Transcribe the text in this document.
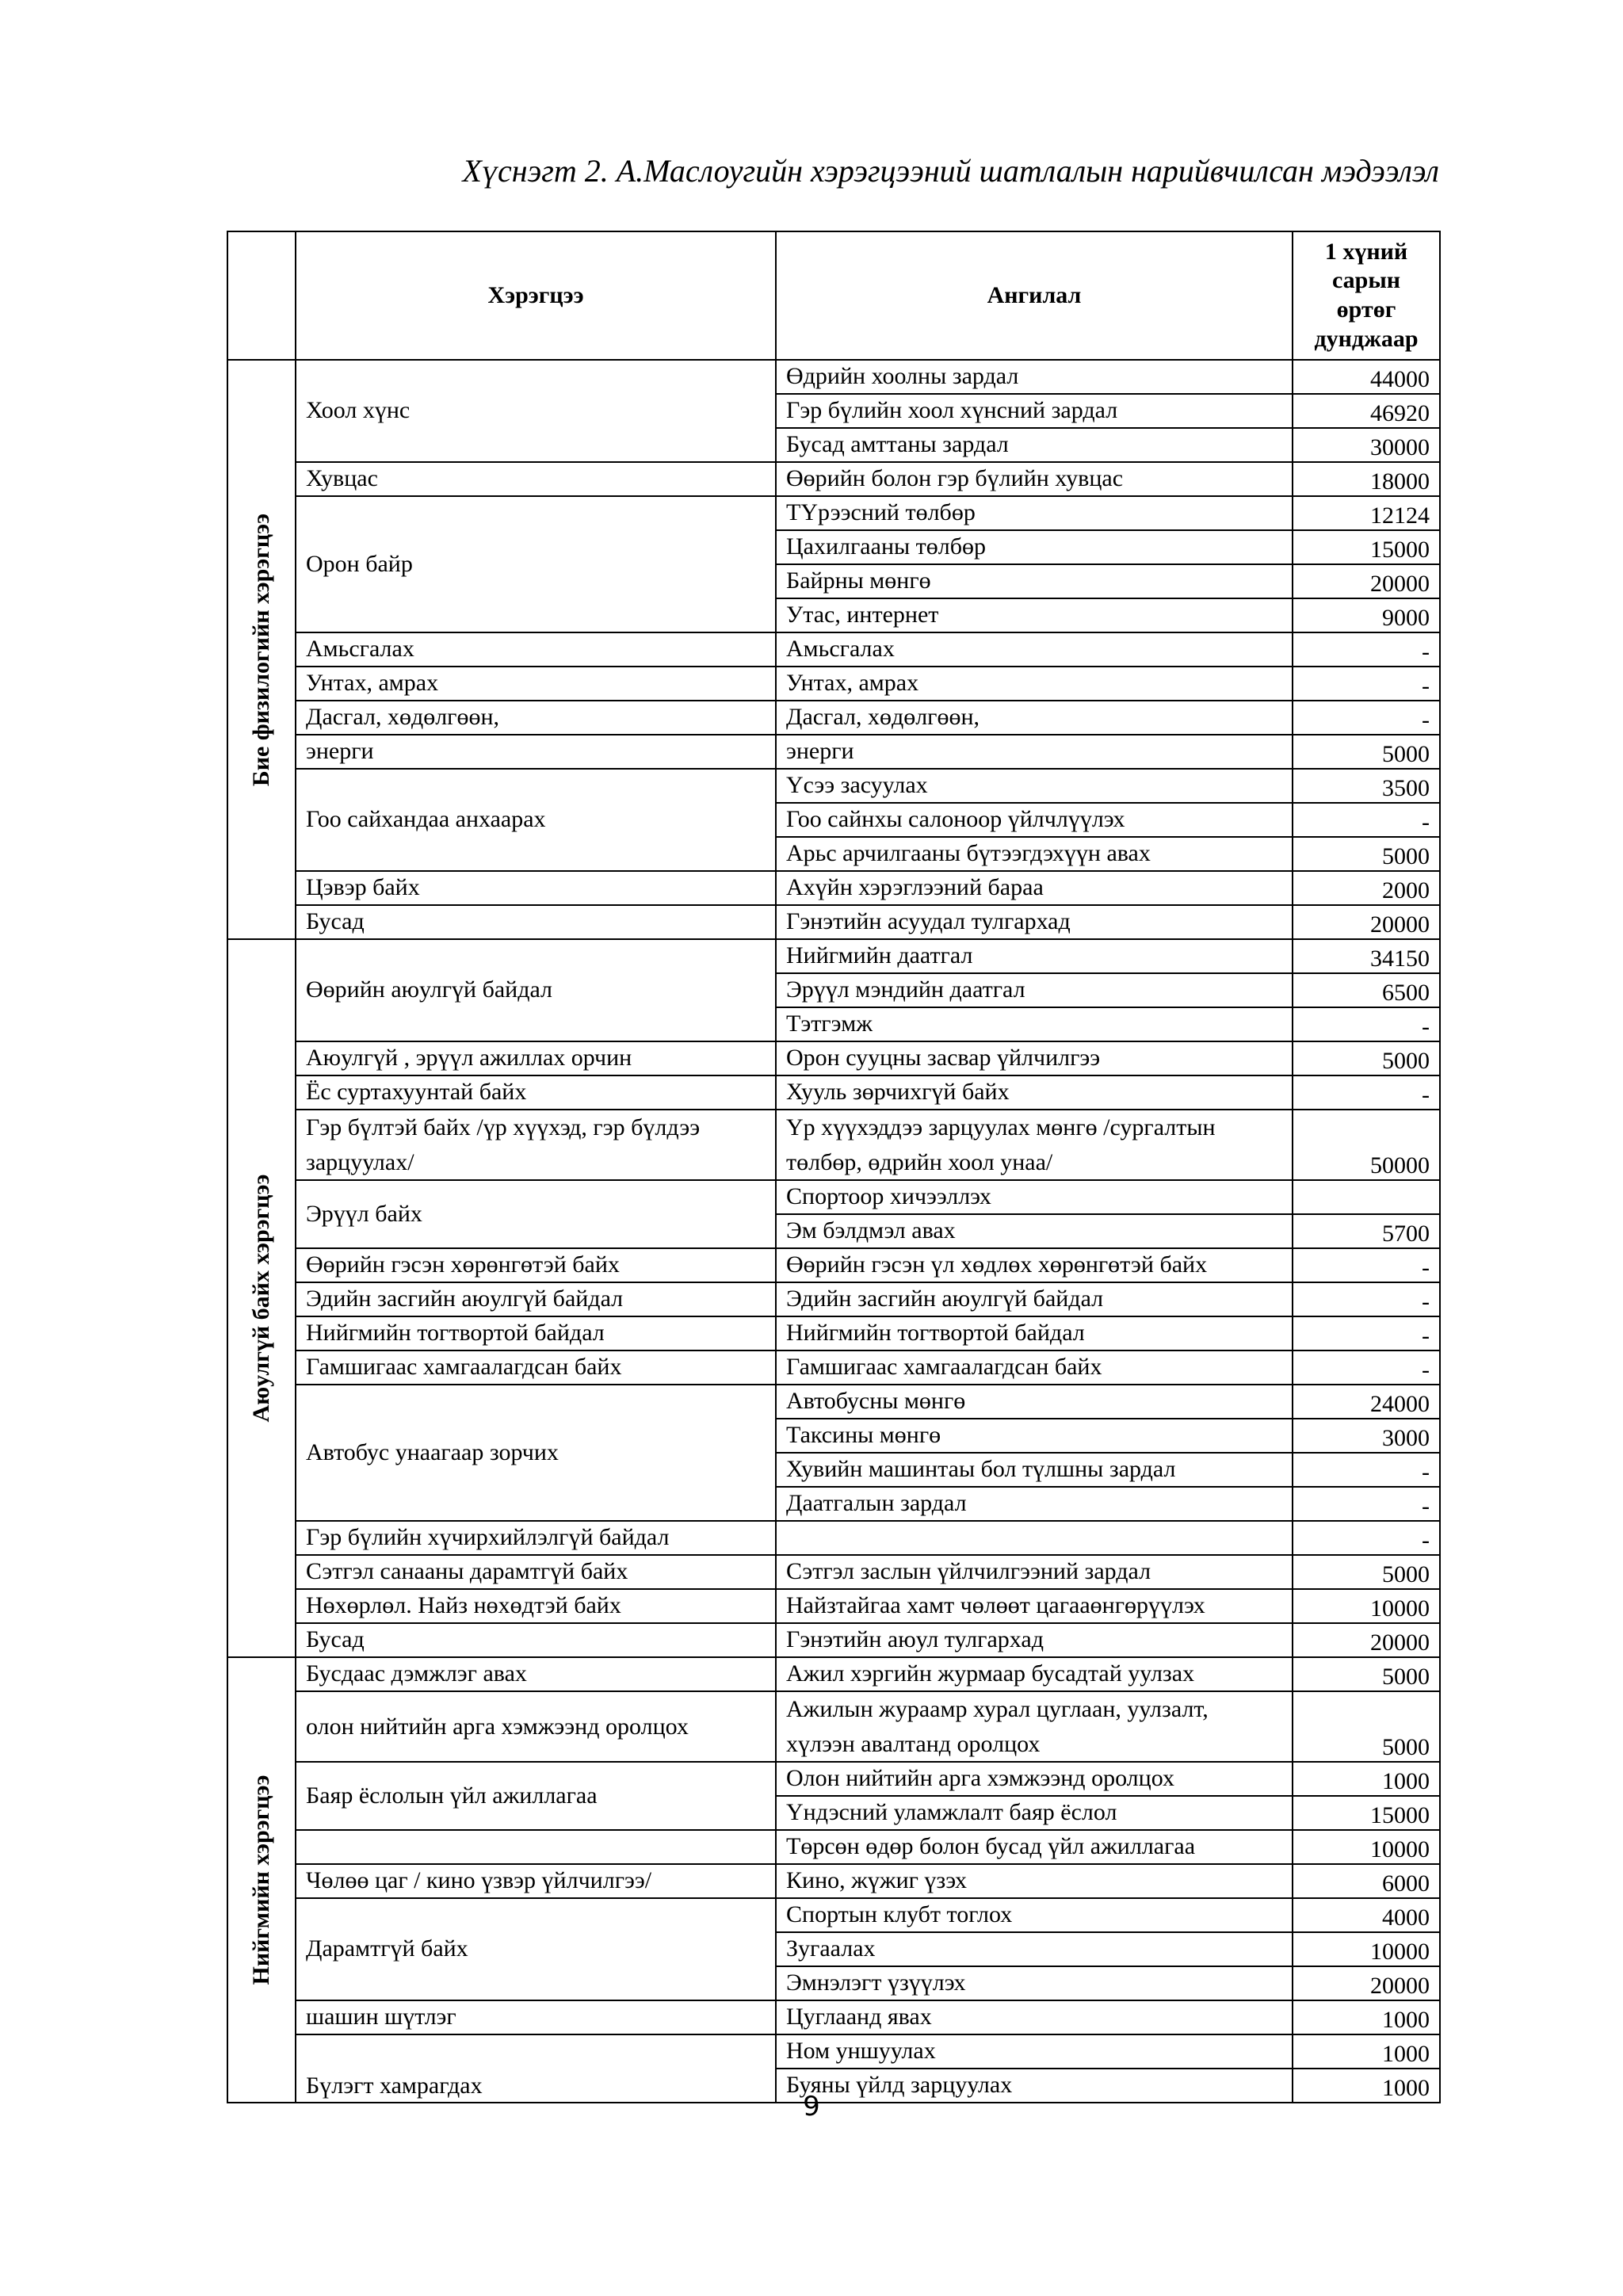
Хүснэгт 2. А.Маслоугийн хэрэгцээний шатлалын нарийвчилсан мэдээлэл
	Хэрэгцээ	Ангилал	1 хүний сарын өртөг дунджаар

Бие физилогийн хэрэгцээ	Хоол хүнс	Өдрийн хоолны зардал	44000
		Гэр бүлийн хоол хүнсний зардал	46920
		Бусад амттаны зардал	30000
	Хувцас	Өөрийн болон гэр бүлийн хувцас	18000
	Орон байр	ТҮрээсний төлбөр	12124
		Цахилгааны төлбөр	15000
		Байрны мөнгө	20000
		Утас, интернет	9000
	Амьсгалах	Амьсгалах	-
	Унтах, амрах	Унтах, амрах	-
	Дасгал, хөдөлгөөн,	Дасгал, хөдөлгөөн,	-
	энерги	энерги	5000
	Гоо сайхандаа анхаарах	Үсээ засуулах	3500
		Гоо сайнхы салоноор үйлчлүүлэх	-
		Арьс арчилгааны бүтээгдэхүүн авах	5000
	Цэвэр байх	Ахүйн хэрэглээний бараа	2000
	Бусад	Гэнэтийн асуудал тулгархад	20000

Аюулгүй байх хэрэгцээ	Өөрийн аюулгүй байдал	Нийгмийн даатгал	34150
		Эрүүл мэндийн даатгал	6500
		Тэтгэмж	-
	Аюулгүй , эрүүл ажиллах орчин	Орон сууцны засвар үйлчилгээ	5000
	Ёс суртахуунтай байх	Хууль зөрчихгүй байх	-
	Гэр бүлтэй байх /үр хүүхэд, гэр бүлдээ зарцуулах/	Үр хүүхэддээ зарцуулах мөнгө /сургалтын төлбөр, өдрийн хоол унаа/	50000
	Эрүүл байх	Спортоор хичээллэх	
		Эм бэлдмэл авах	5700
	Өөрийн гэсэн хөрөнгөтэй байх	Өөрийн гэсэн үл хөдлөх хөрөнгөтэй байх	-
	Эдийн засгийн аюулгүй байдал	Эдийн засгийн аюулгүй байдал	-
	Нийгмийн тогтвортой байдал	Нийгмийн тогтвортой байдал	-
	Гамшигаас хамгаалагдсан байх	Гамшигаас хамгаалагдсан байх	-
	Автобус унаагаар зорчих	Автобусны мөнгө	24000
		Таксины мөнгө	3000
		Хувийн машинтаы бол түлшны зардал	-
		Даатгалын зардал	-
	Гэр бүлийн хүчирхийлэлгүй байдал		-
	Сэтгэл санааны дарамтгүй байх	Сэтгэл заслын үйлчилгээний зардал	5000
	Нөхөрлөл. Найз нөхөдтэй байх	Найзтайгаа хамт чөлөөт цагааөнгөрүүлэх	10000
	Бусад	Гэнэтийн аюул тулгархад	20000

Нийгмийн хэрэгцээ	Бусдаас дэмжлэг авах	Ажил хэргийн журмаар бусадтай уулзах	5000
	олон нийтийн арга хэмжээнд оролцох	Ажилын жураамр хурал цуглаан, уулзалт, хүлээн авалтанд оролцох	5000
	Баяр ёслолын үйл ажиллагаа	Олон нийтийн арга хэмжээнд оролцох	1000
		Үндэсний уламжлалт баяр ёслол	15000
		Төрсөн өдөр болон бусад үйл ажиллагаа	10000
	Чөлөө цаг / кино үзвэр үйлчилгээ/	Кино, жүжиг үзэх	6000
	Дарамтгүй байх	Спортын клубт тоглох	4000
		Зугаалах	10000
		Эмнэлэгт үзүүлэх	20000
	шашин шүтлэг	Цуглаанд явах	1000
	Бүлэгт хамрагдах	Ном уншуулах	1000
		Буяны үйлд зарцуулах	1000
9
